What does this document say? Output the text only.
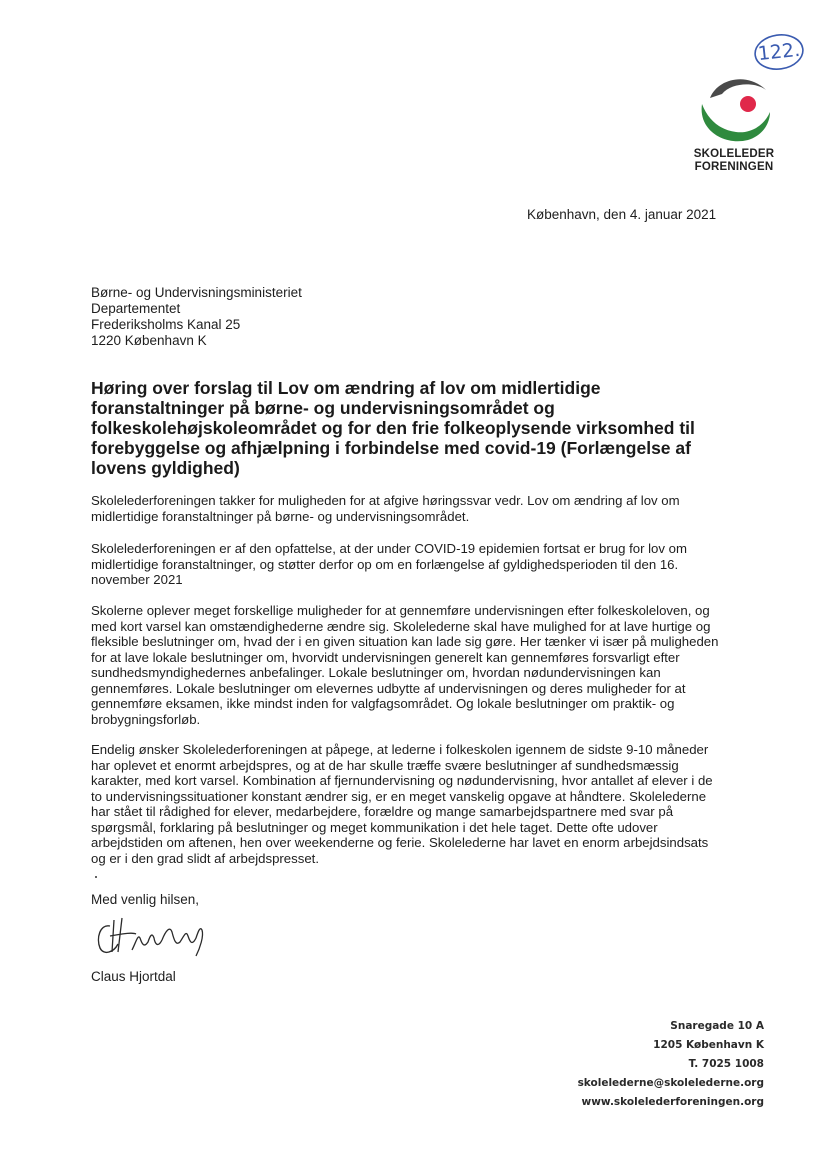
122.
SKOLELEDER
FORENINGEN
København, den 4. januar 2021
Børne- og Undervisningsministeriet
Departementet
Frederiksholms Kanal 25
1220 København K
Høring over forslag til Lov om ændring af lov om midlertidige
foranstaltninger på børne- og undervisningsområdet og
folkeskolehøjskoleområdet og for den frie folkeoplysende virksomhed til
forebyggelse og afhjælpning i forbindelse med covid-19 (Forlængelse af
lovens gyldighed)
Skolelederforeningen takker for muligheden for at afgive høringssvar vedr. Lov om ændring af lov om
midlertidige foranstaltninger på børne- og undervisningsområdet.
Skolelederforeningen er af den opfattelse, at der under COVID-19 epidemien fortsat er brug for lov om
midlertidige foranstaltninger, og støtter derfor op om en forlængelse af gyldighedsperioden til den 16.
november 2021
Skolerne oplever meget forskellige muligheder for at gennemføre undervisningen efter folkeskoleloven, og
med kort varsel kan omstændighederne ændre sig. Skolelederne skal have mulighed for at lave hurtige og
fleksible beslutninger om, hvad der i en given situation kan lade sig gøre. Her tænker vi især på muligheden
for at lave lokale beslutninger om, hvorvidt undervisningen generelt kan gennemføres forsvarligt efter
sundhedsmyndighedernes anbefalinger. Lokale beslutninger om, hvordan nødundervisningen kan
gennemføres. Lokale beslutninger om elevernes udbytte af undervisningen og deres muligheder for at
gennemføre eksamen, ikke mindst inden for valgfagsområdet. Og lokale beslutninger om praktik- og
brobygningsforløb.
Endelig ønsker Skolelederforeningen at påpege, at lederne i folkeskolen igennem de sidste 9-10 måneder
har oplevet et enormt arbejdspres, og at de har skulle træffe svære beslutninger af sundhedsmæssig
karakter, med kort varsel. Kombination af fjernundervisning og nødundervisning, hvor antallet af elever i de
to undervisningssituationer konstant ændrer sig, er en meget vanskelig opgave at håndtere. Skolelederne
har stået til rådighed for elever, medarbejdere, forældre og mange samarbejdspartnere med svar på
spørgsmål, forklaring på beslutninger og meget kommunikation i det hele taget. Dette ofte udover
arbejdstiden om aftenen, hen over weekenderne og ferie. Skolelederne har lavet en enorm arbejdsindsats
og er i den grad slidt af arbejdspresset.
Med venlig hilsen,
Claus Hjortdal
Snaregade 10 A
1205 København K
T. 7025 1008
skolelederne@skolelederne.org
www.skolelederforeningen.org
